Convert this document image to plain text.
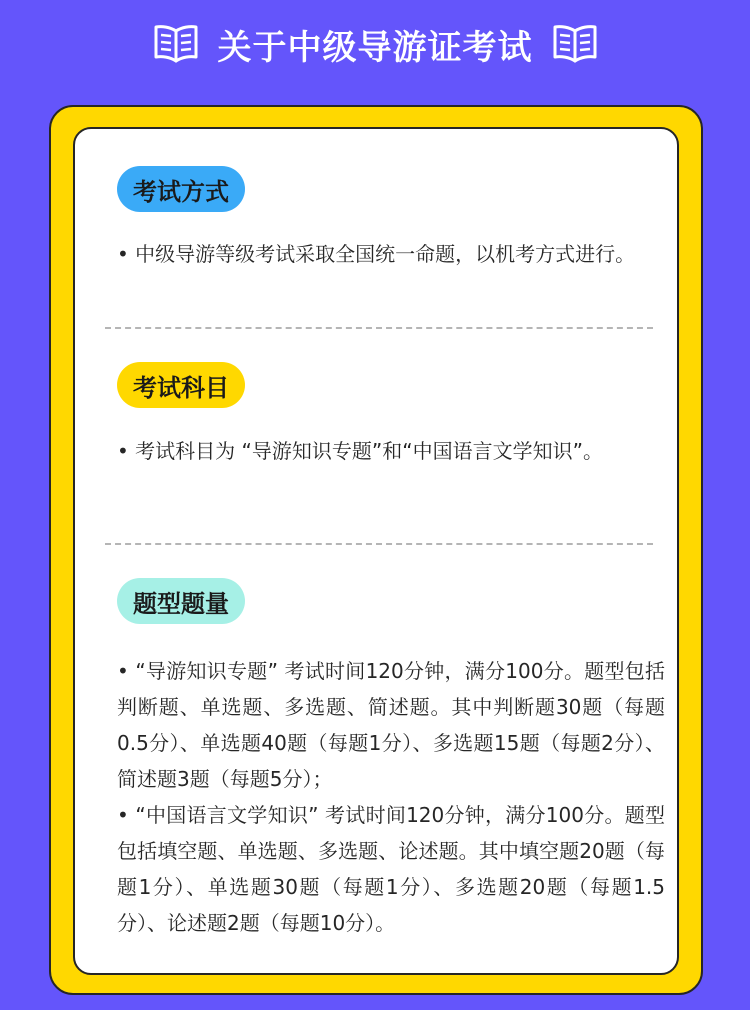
关于中级导游证考试
考试方式
• 中级导游等级考试采取全国统一命题，以机考方式进行。
考试科目
• 考试科目为 “导游知识专题”和“中国语言文学知识”。
题型题量
• “导游知识专题” 考试时间120分钟，满分100分。题型包括判断题、单选题、多选题、简述题。其中判断题30题（每题0.5分）、单选题40题（每题1分）、多选题15题（每题2分）、简述题3题（每题5分）；
• “中国语言文学知识” 考试时间120分钟，满分100分。题型包括填空题、单选题、多选题、论述题。其中填空题20题（每题1分）、单选题30题（每题1分）、多选题20题（每题1.5分）、论述题2题（每题10分）。
